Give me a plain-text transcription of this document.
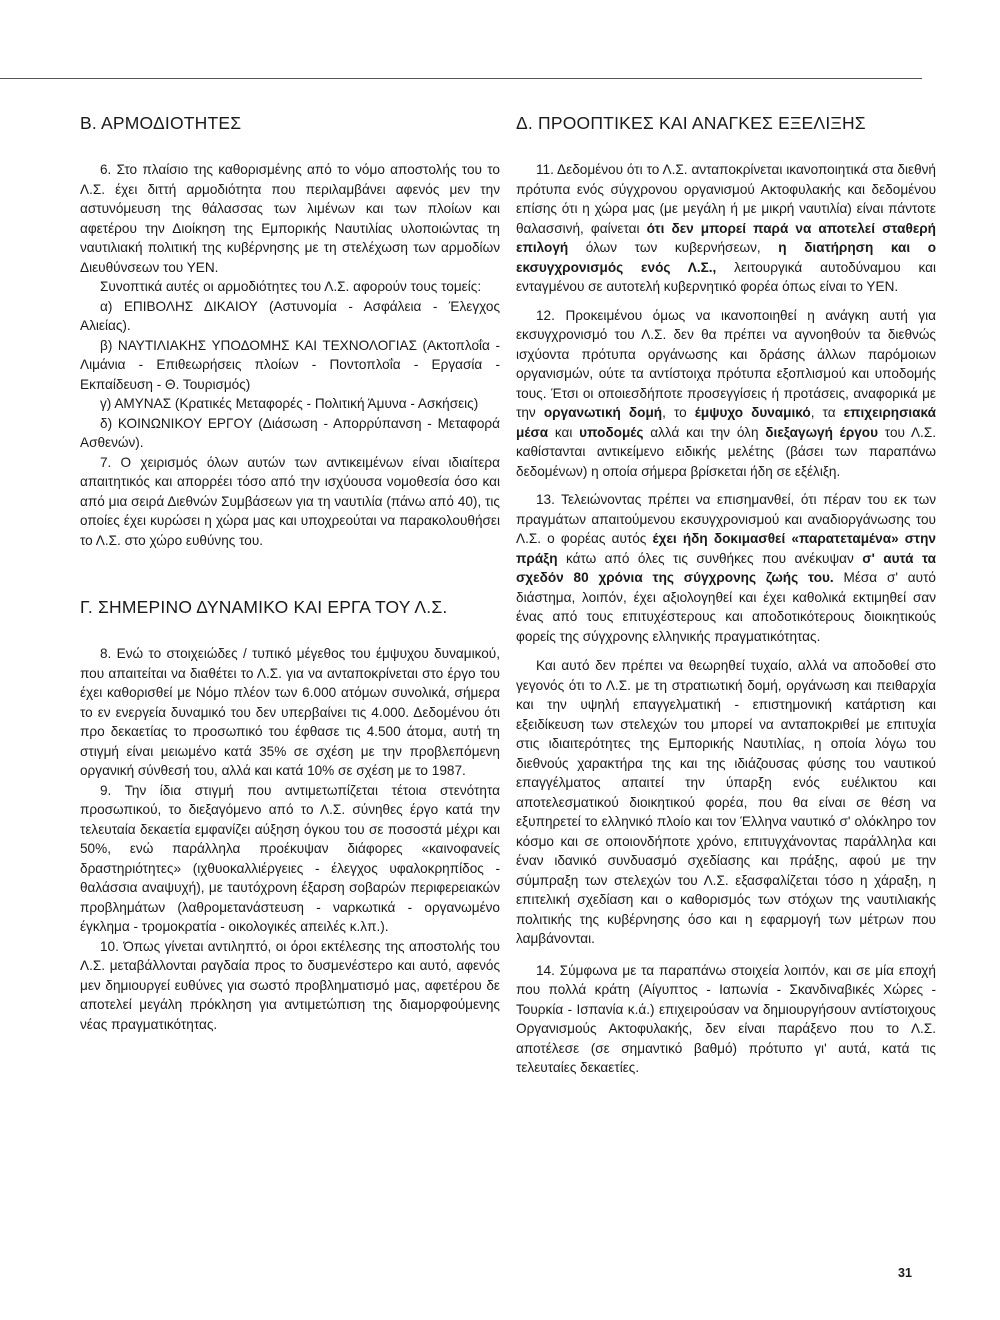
Β. ΑΡΜΟΔΙΟΤΗΤΕΣ

6. Στο πλαίσιο της καθορισμένης από το νόμο αποστολής του το Λ.Σ. έχει διττή αρμοδιότητα που περιλαμβάνει αφενός μεν την αστυνόμευση της θάλασσας των λιμένων και των πλοίων και αφετέρου την Διοίκηση της Εμπορικής Ναυτιλίας υλοποιώντας τη ναυτιλιακή πολιτική της κυβέρνησης με τη στελέχωση των αρμοδίων Διευθύνσεων του ΥΕΝ.

Συνοπτικά αυτές οι αρμοδιότητες του Λ.Σ. αφορούν τους τομείς:

α) ΕΠΙΒΟΛΗΣ ΔΙΚΑΙΟΥ (Αστυνομία - Ασφάλεια - Έλεγχος Αλιείας).

β) ΝΑΥΤΙΛΙΑΚΗΣ ΥΠΟΔΟΜΗΣ ΚΑΙ ΤΕΧΝΟΛΟΓΙΑΣ (Ακτοπλοΐα - Λιμάνια - Επιθεωρήσεις πλοίων - Ποντοπλοΐα - Εργασία - Εκπαίδευση - Θ. Τουρισμός)

γ) ΑΜΥΝΑΣ (Κρατικές Μεταφορές - Πολιτική Άμυνα - Ασκήσεις)

δ) ΚΟΙΝΩΝΙΚΟΥ ΕΡΓΟΥ (Διάσωση - Απορρύπανση - Μεταφορά Ασθενών).

7. Ο χειρισμός όλων αυτών των αντικειμένων είναι ιδιαίτερα απαιτητικός και απορρέει τόσο από την ισχύουσα νομοθεσία όσο και από μια σειρά Διεθνών Συμβάσεων για τη ναυτιλία (πάνω από 40), τις οποίες έχει κυρώσει η χώρα μας και υποχρεούται να παρακολουθήσει το Λ.Σ. στο χώρο ευθύνης του.

Γ. ΣΗΜΕΡΙΝΟ ΔΥΝΑΜΙΚΟ ΚΑΙ ΕΡΓΑ ΤΟΥ Λ.Σ.

8. Ενώ το στοιχειώδες / τυπικό μέγεθος του έμψυχου δυναμικού, που απαιτείται να διαθέτει το Λ.Σ. για να ανταποκρίνεται στο έργο του έχει καθορισθεί με Νόμο πλέον των 6.000 ατόμων συνολικά, σήμερα το εν ενεργεία δυναμικό του δεν υπερβαίνει τις 4.000. Δεδομένου ότι προ δεκαετίας το προσωπικό του έφθασε τις 4.500 άτομα, αυτή τη στιγμή είναι μειωμένο κατά 35% σε σχέση με την προβλεπόμενη οργανική σύνθεσή του, αλλά και κατά 10% σε σχέση με το 1987.

9. Την ίδια στιγμή που αντιμετωπίζεται τέτοια στενότητα προσωπικού, το διεξαγόμενο από το Λ.Σ. σύνηθες έργο κατά την τελευταία δεκαετία εμφανίζει αύξηση όγκου του σε ποσοστά μέχρι και 50%, ενώ παράλληλα προέκυψαν διάφορες «καινοφανείς δραστηριότητες» (ιχθυοκαλλιέργειες - έλεγχος υφαλοκρηπίδος - θαλάσσια αναψυχή), με ταυτόχρονη έξαρση σοβαρών περιφερειακών προβλημάτων (λαθρομετανάστευση - ναρκωτικά - οργανωμένο έγκλημα - τρομοκρατία - οικολογικές απειλές κ.λπ.).

10. Όπως γίνεται αντιληπτό, οι όροι εκτέλεσης της αποστολής του Λ.Σ. μεταβάλλονται ραγδαία προς το δυσμενέστερο και αυτό, αφενός μεν δημιουργεί ευθύνες για σωστό προβληματισμό μας, αφετέρου δε αποτελεί μεγάλη πρόκληση για αντιμετώπιση της διαμορφούμενης νέας πραγματικότητας.

Δ. ΠΡΟΟΠΤΙΚΕΣ ΚΑΙ ΑΝΑΓΚΕΣ ΕΞΕΛΙΞΗΣ

11. Δεδομένου ότι το Λ.Σ. ανταποκρίνεται ικανοποιητικά στα διεθνή πρότυπα ενός σύγχρονου οργανισμού Ακτοφυλακής και δεδομένου επίσης ότι η χώρα μας (με μεγάλη ή με μικρή ναυτιλία) είναι πάντοτε θαλασσινή, φαίνεται ότι δεν μπορεί παρά να αποτελεί σταθερή επιλογή όλων των κυβερνήσεων, η διατήρηση και ο εκσυγχρονισμός ενός Λ.Σ., λειτουργικά αυτοδύναμου και ενταγμένου σε αυτοτελή κυβερνητικό φορέα όπως είναι το ΥΕΝ.

12. Προκειμένου όμως να ικανοποιηθεί η ανάγκη αυτή για εκσυγχρονισμό του Λ.Σ. δεν θα πρέπει να αγνοηθούν τα διεθνώς ισχύοντα πρότυπα οργάνωσης και δράσης άλλων παρόμοιων οργανισμών, ούτε τα αντίστοιχα πρότυπα εξοπλισμού και υποδομής τους. Έτσι οι οποιεσδήποτε προσεγγίσεις ή προτάσεις, αναφορικά με την οργανωτική δομή, το έμψυχο δυναμικό, τα επιχειρησιακά μέσα και υποδομές αλλά και την όλη διεξαγωγή έργου του Λ.Σ. καθίστανται αντικείμενο ειδικής μελέτης (βάσει των παραπάνω δεδομένων) η οποία σήμερα βρίσκεται ήδη σε εξέλιξη.

13. Τελειώνοντας πρέπει να επισημανθεί, ότι πέραν του εκ των πραγμάτων απαιτούμενου εκσυγχρονισμού και αναδιοργάνωσης του Λ.Σ. ο φορέας αυτός έχει ήδη δοκιμασθεί «παρατεταμένα» στην πράξη κάτω από όλες τις συνθήκες που ανέκυψαν σ' αυτά τα σχεδόν 80 χρόνια της σύγχρονης ζωής του. Μέσα σ' αυτό διάστημα, λοιπόν, έχει αξιολογηθεί και έχει καθολικά εκτιμηθεί σαν ένας από τους επιτυχέστερους και αποδοτικότερους διοικητικούς φορείς της σύγχρονης ελληνικής πραγματικότητας.

Και αυτό δεν πρέπει να θεωρηθεί τυχαίο, αλλά να αποδοθεί στο γεγονός ότι το Λ.Σ. με τη στρατιωτική δομή, οργάνωση και πειθαρχία και την υψηλή επαγγελματική - επιστημονική κατάρτιση και εξειδίκευση των στελεχών του μπορεί να ανταποκριθεί με επιτυχία στις ιδιαιτερότητες της Εμπορικής Ναυτιλίας, η οποία λόγω του διεθνούς χαρακτήρα της και της ιδιάζουσας φύσης του ναυτικού επαγγέλματος απαιτεί την ύπαρξη ενός ευέλικτου και αποτελεσματικού διοικητικού φορέα, που θα είναι σε θέση να εξυπηρετεί το ελληνικό πλοίο και τον Έλληνα ναυτικό σ' ολόκληρο τον κόσμο και σε οποιονδήποτε χρόνο, επιτυγχάνοντας παράλληλα και έναν ιδανικό συνδυασμό σχεδίασης και πράξης, αφού με την σύμπραξη των στελεχών του Λ.Σ. εξασφαλίζεται τόσο η χάραξη, η επιτελική σχεδίαση και ο καθορισμός των στόχων της ναυτιλιακής πολιτικής της κυβέρνησης όσο και η εφαρμογή των μέτρων που λαμβάνονται.

14. Σύμφωνα με τα παραπάνω στοιχεία λοιπόν, και σε μία εποχή που πολλά κράτη (Αίγυπτος - Ιαπωνία - Σκανδιναβικές Χώρες - Τουρκία - Ισπανία κ.ά.) επιχειρούσαν να δημιουργήσουν αντίστοιχους Οργανισμούς Ακτοφυλακής, δεν είναι παράξενο που το Λ.Σ. αποτέλεσε (σε σημαντικό βαθμό) πρότυπο γι' αυτά, κατά τις τελευταίες δεκαετίες.

31
